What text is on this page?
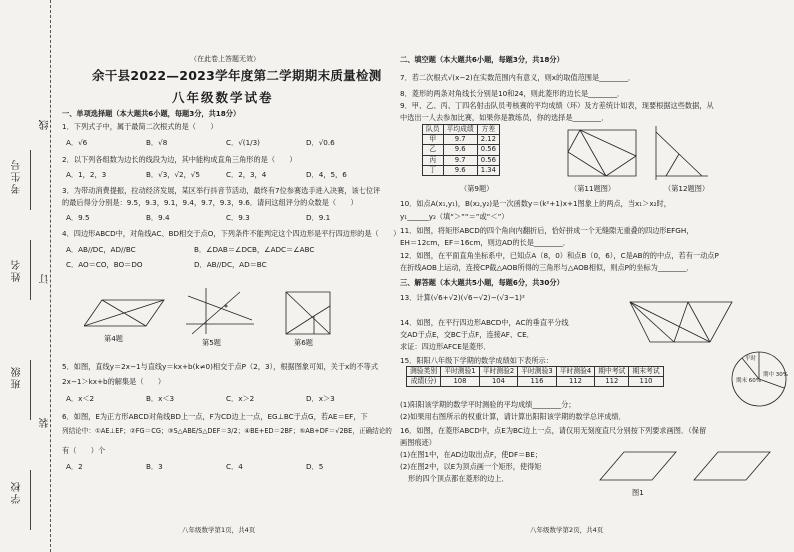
线
考生号
姓名 订
班级
装
学校
（在此卷上答题无效）
余干县2022—2023学年度第二学期期末质量检测
八年级数学试卷
一、单项选择题（本大题共6小题，每题3分，共18分）
1．下列式子中，属于最简二次根式的是（　　）
A．√6	B．√8	C．√(1/3)	D．√0.6
2．以下列各组数为边长的线段为边，其中能构成直角三角形的是（　　）
A．1，2，3	B．√3，√2，√5	C．2，3，4	D．4，5，6
3．为带动消费提振，拉动经济发展，某区举行抖音节活动，最终有7位参赛选手进入决赛，该七位评
的最后得分分别是：9.5，9.3，9.1，9.4，9.7，9.3，9.6．请问这组评分的众数是（　　）
A．9.5	B．9.4	C．9.3	D．9.1
4．四边形ABCD中，对角线AC、BD相交于点O，下列条件不能判定这个四边形是平行四边形的是（　　）
A．AB//DC，AD//BC	B．∠DAB＝∠DCB，∠ADC＝∠ABC
C．AO＝CO，BO＝DO	D．AB//DC，AD＝BC
第4题	第5题	第6题
5．如图，直线y＝2x−1与直线y＝kx+b(k≠0)相交于点P（2，3），根据图象可知，关于x的不等式
2x−1＞kx+b的解集是（　　）
A．x＜2	B．x＜3	C．x＞2	D．x＞3
6．如图，E为正方形ABCD对角线BD上一点，F为CD边上一点，EG⊥BC于点G，若AE＝EF，下
列结论中：①AE⊥EF；②FG＝CG；③S△ABE/S△DEF＝3/2；④BE+ED＝2BF；⑤AB+DF＝√2BE，正确结论的
有（　　）个
A．2	B．3	C．4	D．5
八年级数学第1页，共4页
二、填空题（本大题共6小题，每题3分，共18分）
7．若二次根式√(x−2)在实数范围内有意义，则x的取值范围是________．
8．菱形的两条对角线长分别是10和24，则此菱形的边长是________．
9．甲、乙、丙、丁四名射击队员考核赛的平均成绩（环）及方差统计如表，现要根据这些数据，从
中选出一人去参加比赛，如果你是教练员，你的选择是________．
队员	平均成绩	方差
甲	9.7	2.12
乙	9.6	0.56
丙	9.7	0.56
丁	9.6	1.34
（第9题）	（第11题图）	（第12题图）
10．如点A(x₁,y₁)，B(x₂,y₂)是一次函数y＝(k²+1)x+1图象上的两点，当x₁＞x₂时，
y₁______y₂（填“＞”“＝”或“＜”）
11．如图，将矩形ABCD的四个角向内翻折后，恰好拼成一个无缝隙无重叠的四边形EFGH，
EH＝12cm，EF＝16cm，则边AD的长是________．
12．如图，在平面直角坐标系中，已知点A（8，0）和点B（0，6），C是AB的的中点，若有一动点P
在折线AOB上运动，连接CP截△AOB所得的三角形与△AOB相似，则点P的坐标为________．
三、解答题（本大题共5小题，每题6分，共30分）
13．计算(√6+√2)(√6−√2)−(√3−1)²
14．如图，在平行四边形ABCD中，AC的垂直平分线
交AD于点E，交BC于点F，连接AF、CE．
求证：四边形AFCE是菱形．
15．阳阳八年级下学期的数学成绩如下表所示：
测验类别	平时测验1	平时测验2	平时测验3	平时测验4	期中考试	期末考试
成绩(分)	108	104	116	112	112	110
平时
期末 60%
期中 30%
(1)阳阳该学期的数学平时测验的平均成绩________分；
(2)如果用右图所示的权重计算，请计算出阳阳该学期的数学总评成绩．
16．如图，在菱形ABCD中，点E为BC边上一点，请仅用无刻度直尺分别按下列要求画图．（保留
画图痕迹）
(1)在图1中，在AD边取出点F，使DF＝BE；
(2)在图2中，以E为顶点画一个矩形，使得矩
形的四个顶点都在菱形的边上．
图1
八年级数学第2页，共4页
